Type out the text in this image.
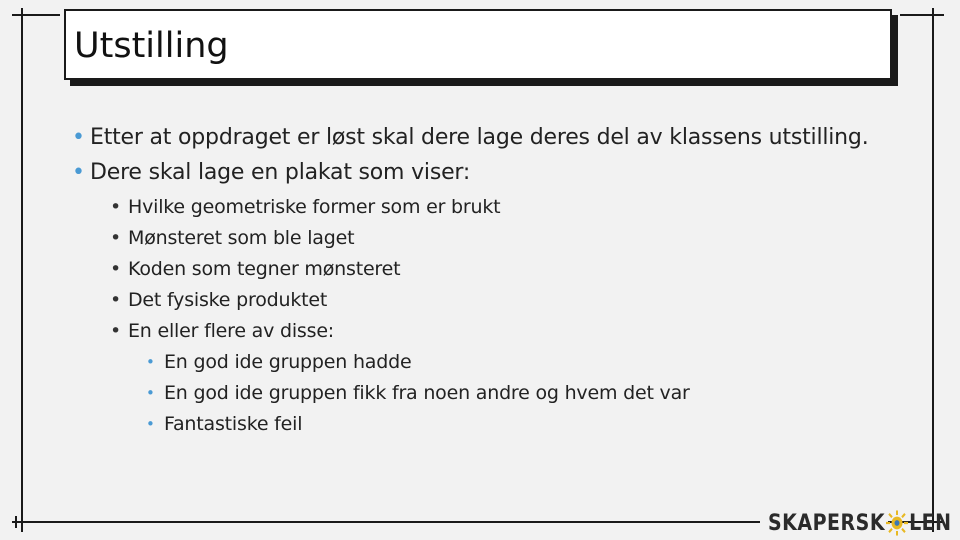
Utstilling
• Etter at oppdraget er løst skal dere lage deres del av klassens utstilling.
• Dere skal lage en plakat som viser:
• Hvilke geometriske former som er brukt
• Mønsteret som ble laget
• Koden som tegner mønsteret
• Det fysiske produktet
• En eller flere av disse:
• En god ide gruppen hadde
• En god ide gruppen fikk fra noen andre og hvem det var
• Fantastiske feil
SKAPERSK LEN
